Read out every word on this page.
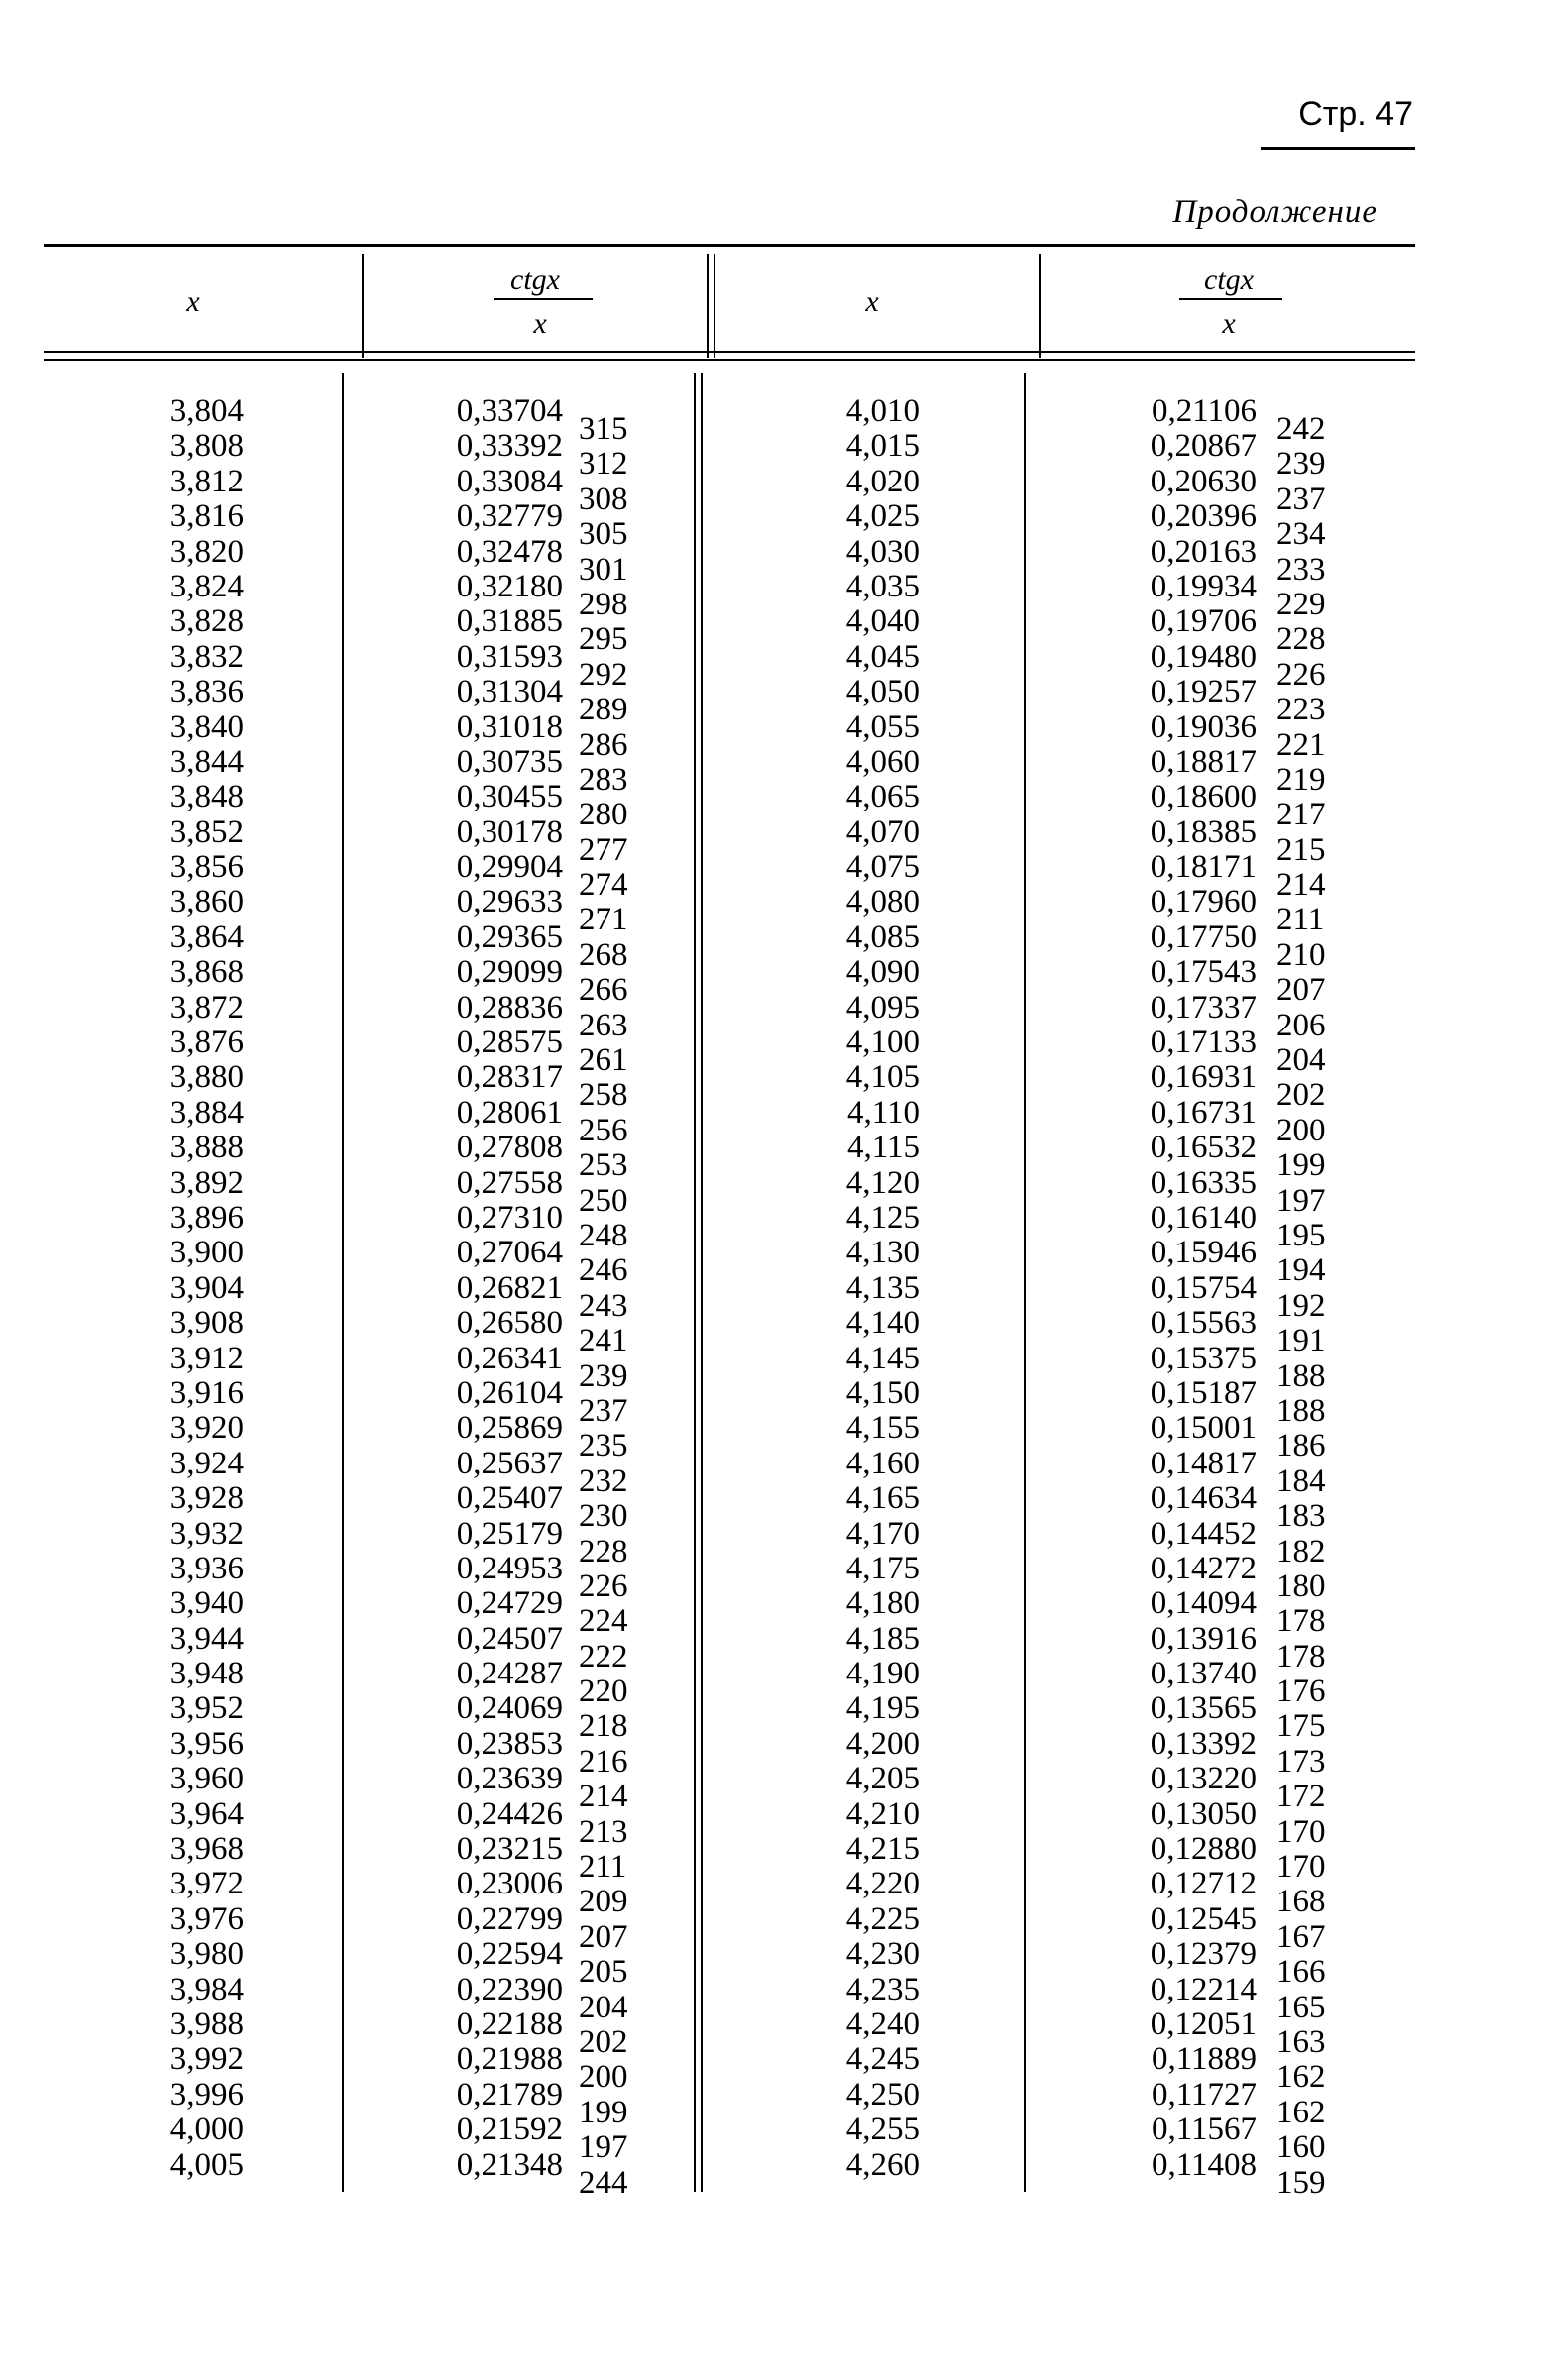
Стр. 47
Продолжение
x
ctgx
x
x
ctgx
x
3,804
3,808
3,812
3,816
3,820
3,824
3,828
3,832
3,836
3,840
3,844
3,848
3,852
3,856
3,860
3,864
3,868
3,872
3,876
3,880
3,884
3,888
3,892
3,896
3,900
3,904
3,908
3,912
3,916
3,920
3,924
3,928
3,932
3,936
3,940
3,944
3,948
3,952
3,956
3,960
3,964
3,968
3,972
3,976
3,980
3,984
3,988
3,992
3,996
4,000
4,005
0,33704
0,33392
0,33084
0,32779
0,32478
0,32180
0,31885
0,31593
0,31304
0,31018
0,30735
0,30455
0,30178
0,29904
0,29633
0,29365
0,29099
0,28836
0,28575
0,28317
0,28061
0,27808
0,27558
0,27310
0,27064
0,26821
0,26580
0,26341
0,26104
0,25869
0,25637
0,25407
0,25179
0,24953
0,24729
0,24507
0,24287
0,24069
0,23853
0,23639
0,24426
0,23215
0,23006
0,22799
0,22594
0,22390
0,22188
0,21988
0,21789
0,21592
0,21348
315
312
308
305
301
298
295
292
289
286
283
280
277
274
271
268
266
263
261
258
256
253
250
248
246
243
241
239
237
235
232
230
228
226
224
222
220
218
216
214
213
211
209
207
205
204
202
200
199
197
244
4,010
4,015
4,020
4,025
4,030
4,035
4,040
4,045
4,050
4,055
4,060
4,065
4,070
4,075
4,080
4,085
4,090
4,095
4,100
4,105
4,110
4,115
4,120
4,125
4,130
4,135
4,140
4,145
4,150
4,155
4,160
4,165
4,170
4,175
4,180
4,185
4,190
4,195
4,200
4,205
4,210
4,215
4,220
4,225
4,230
4,235
4,240
4,245
4,250
4,255
4,260
0,21106
0,20867
0,20630
0,20396
0,20163
0,19934
0,19706
0,19480
0,19257
0,19036
0,18817
0,18600
0,18385
0,18171
0,17960
0,17750
0,17543
0,17337
0,17133
0,16931
0,16731
0,16532
0,16335
0,16140
0,15946
0,15754
0,15563
0,15375
0,15187
0,15001
0,14817
0,14634
0,14452
0,14272
0,14094
0,13916
0,13740
0,13565
0,13392
0,13220
0,13050
0,12880
0,12712
0,12545
0,12379
0,12214
0,12051
0,11889
0,11727
0,11567
0,11408
242
239
237
234
233
229
228
226
223
221
219
217
215
214
211
210
207
206
204
202
200
199
197
195
194
192
191
188
188
186
184
183
182
180
178
178
176
175
173
172
170
170
168
167
166
165
163
162
162
160
159
